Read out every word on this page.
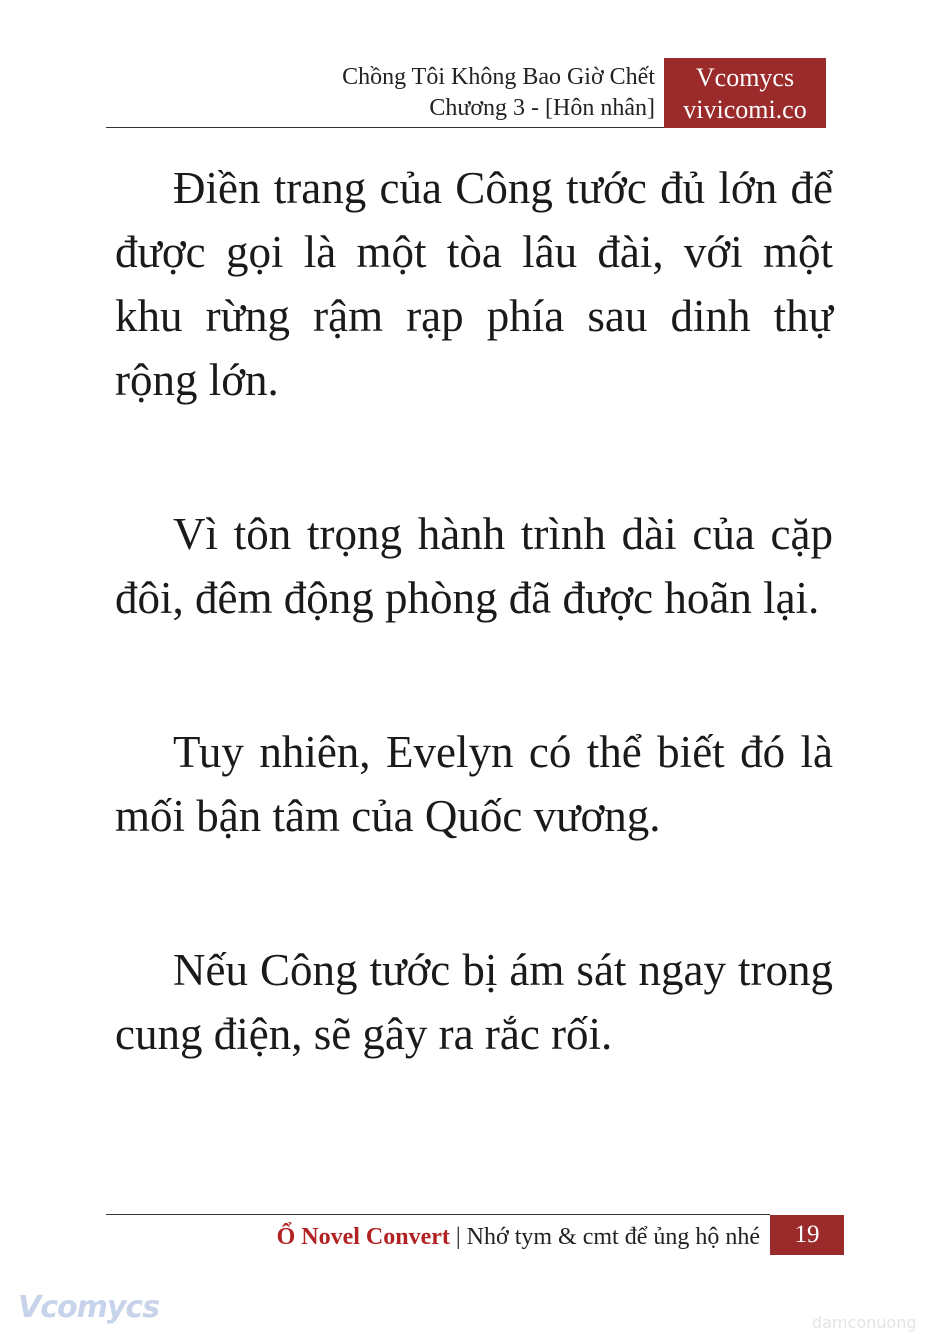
Chồng Tôi Không Bao Giờ Chết
Chương 3 - [Hôn nhân]
Vcomycs
vivicomi.co

Điền trang của Công tước đủ lớn để được gọi là một tòa lâu đài, với một khu rừng rậm rạp phía sau dinh thự rộng lớn.

Vì tôn trọng hành trình dài của cặp đôi, đêm động phòng đã được hoãn lại.

Tuy nhiên, Evelyn có thể biết đó là mối bận tâm của Quốc vương.

Nếu Công tước bị ám sát ngay trong cung điện, sẽ gây ra rắc rối.

Ổ Novel Convert | Nhớ tym & cmt để ủng hộ nhé	19
Vcomycs	damconuong
